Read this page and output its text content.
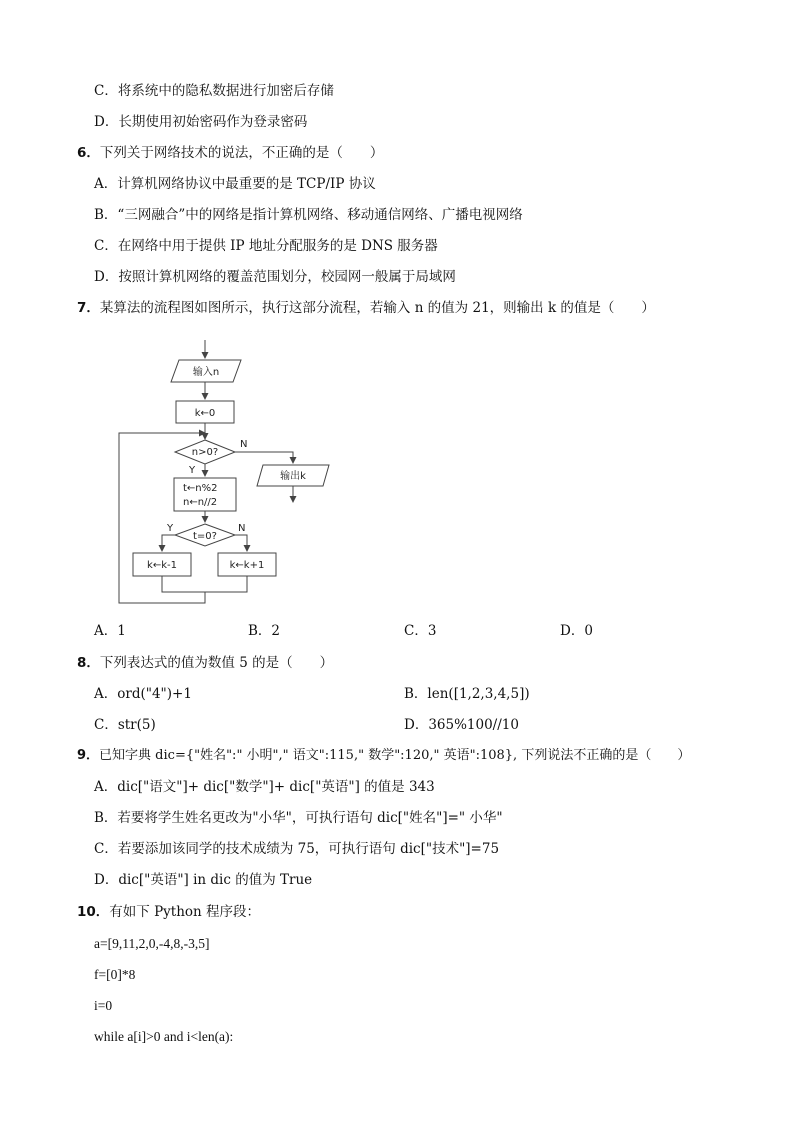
C．将系统中的隐私数据进行加密后存储
D．长期使用初始密码作为登录密码
6．下列关于网络技术的说法，不正确的是（　　）
A．计算机网络协议中最重要的是 TCP/IP 协议
B．“三网融合”中的网络是指计算机网络、移动通信网络、广播电视网络
C．在网络中用于提供 IP 地址分配服务的是 DNS 服务器
D．按照计算机网络的覆盖范围划分，校园网一般属于局域网
7．某算法的流程图如图所示，执行这部分流程，若输入 n 的值为 21，则输出 k 的值是（　　）
输入n
k←0
n>0?
N
输出k
Y
t←n%2
n←n//2
t=0?
Y	N
k←k-1	k←k+1
A．1	B．2	C．3	D．0
8．下列表达式的值为数值 5 的是（　　）
A．ord("4")+1	B．len([1,2,3,4,5])
C．str(5)	D．365%100//10
9．已知字典 dic={"姓名":" 小明"," 语文":115," 数学":120," 英语":108}, 下列说法不正确的是（　　）
A．dic["语文"]+ dic["数学"]+ dic["英语"] 的值是 343
B．若要将学生姓名更改为"小华"，可执行语句 dic["姓名"]=" 小华"
C．若要添加该同学的技术成绩为 75，可执行语句 dic["技术"]=75
D．dic["英语"] in dic 的值为 True
10．有如下 Python 程序段：
a=[9,11,2,0,-4,8,-3,5]
f=[0]*8
i=0
while a[i]>0 and i<len(a):
